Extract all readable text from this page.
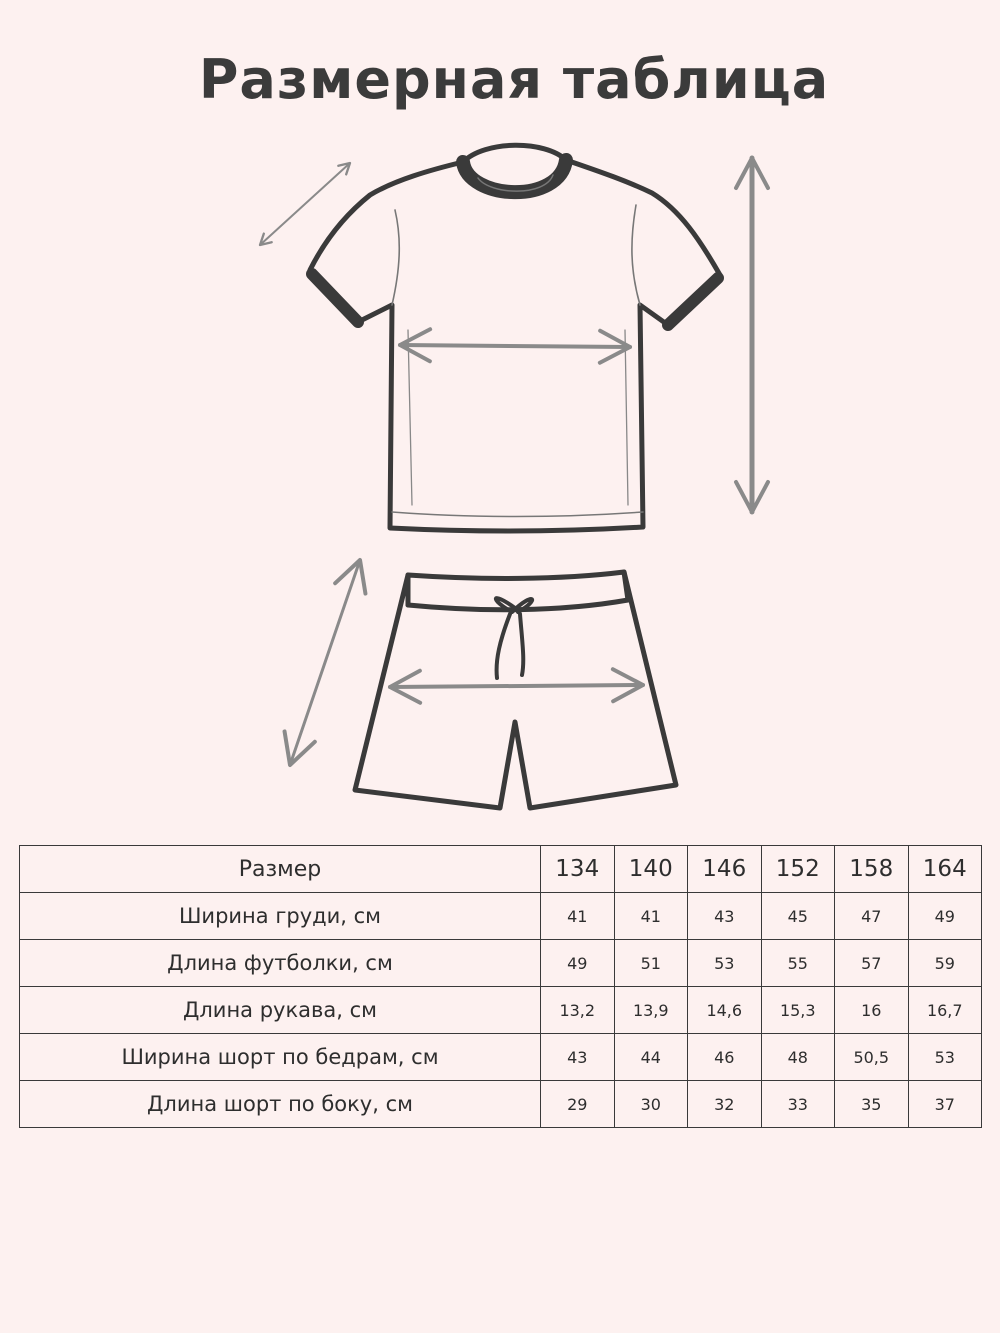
Размерная таблица
Размер	134	140	146	152	158	164
Ширина груди, см	41	41	43	45	47	49
Длина футболки, см	49	51	53	55	57	59
Длина рукава, см	13,2	13,9	14,6	15,3	16	16,7
Ширина шорт по бедрам, см	43	44	46	48	50,5	53
Длина шорт по боку, см	29	30	32	33	35	37
